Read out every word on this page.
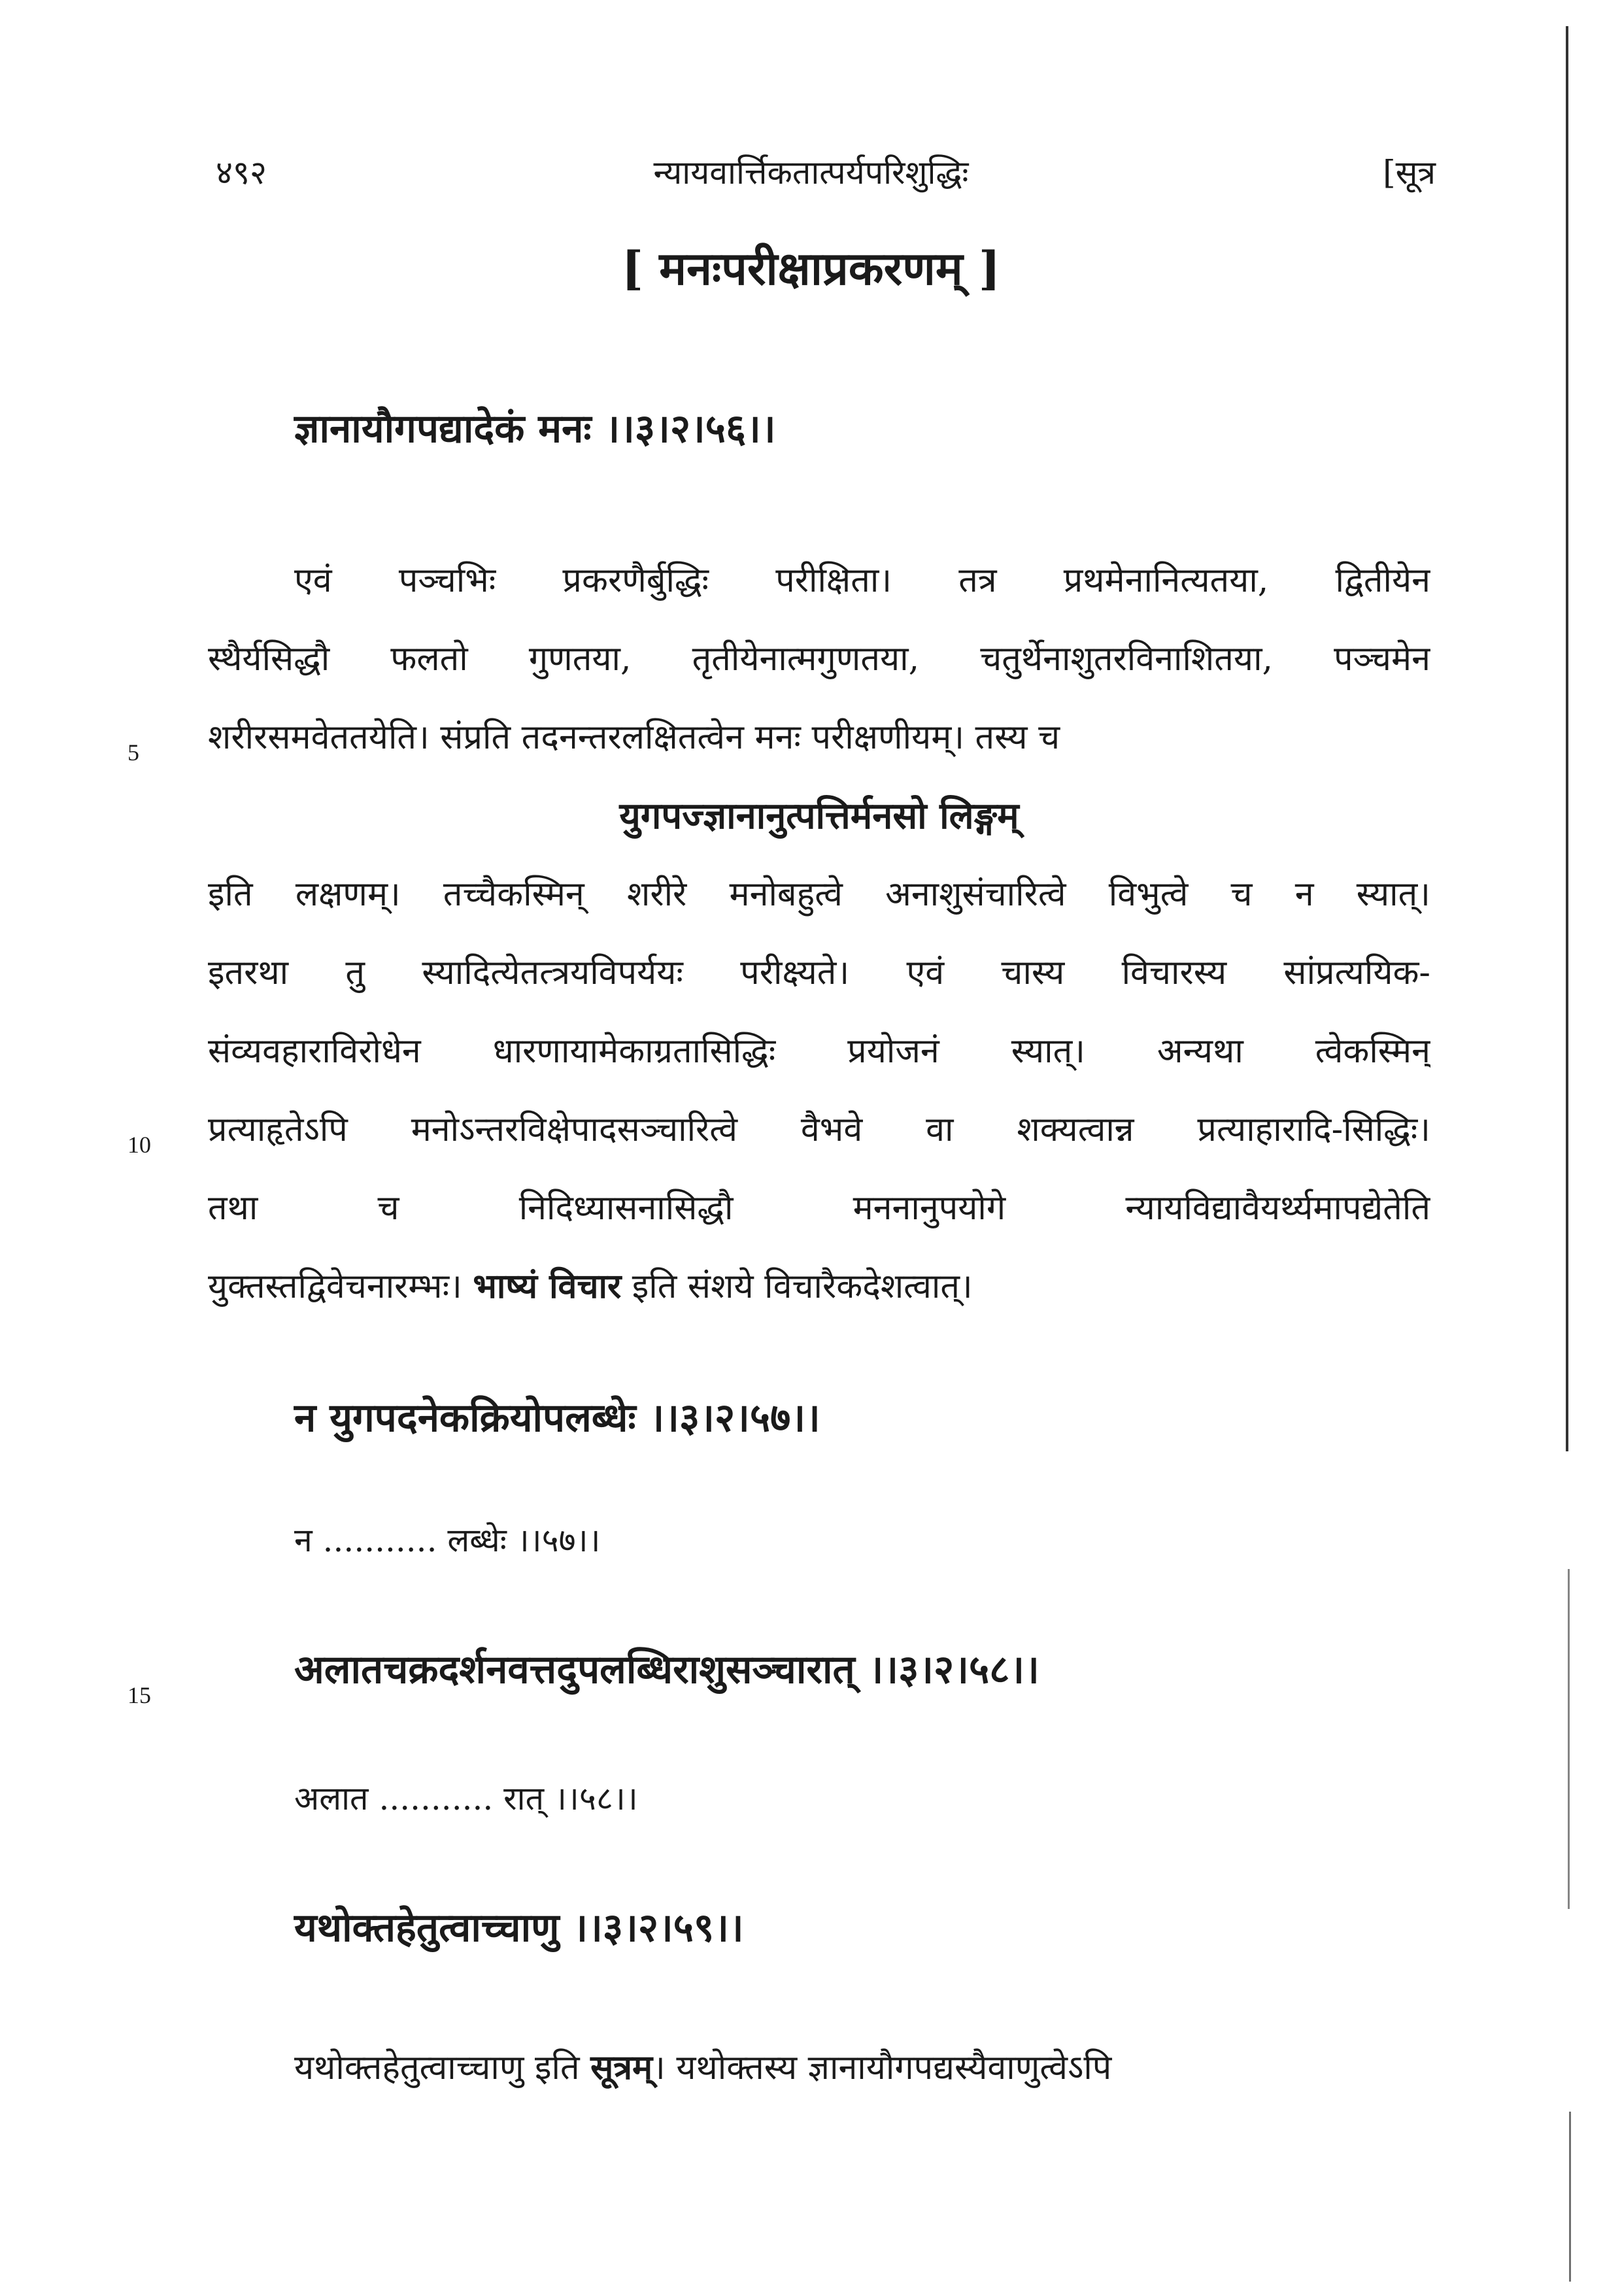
४९२	न्यायवार्त्तिकतात्पर्यपरिशुद्धिः	[सूत्र
[ मनःपरीक्षाप्रकरणम् ]
ज्ञानायौगपद्यादेकं मनः ।।३।२।५६।।
एवं पञ्चभिः प्रकरणैर्बुद्धिः परीक्षिता। तत्र प्रथमेनानित्यतया, द्वितीयेन
स्थैर्यसिद्धौ फलतो गुणतया, तृतीयेनात्मगुणतया, चतुर्थेनाशुतरविनाशितया, पञ्चमेन
शरीरसमवेततयेति। संप्रति तदनन्तरलक्षितत्वेन मनः परीक्षणीयम्। तस्य च
युगपज्ज्ञानानुत्पत्तिर्मनसो लिङ्गम्
इति लक्षणम्। तच्चैकस्मिन् शरीरे मनोबहुत्वे अनाशुसंचारित्वे विभुत्वे च न स्यात्।
इतरथा तु स्यादित्येतत्त्रयविपर्ययः परीक्ष्यते। एवं चास्य विचारस्य सांप्रत्ययिक-
संव्यवहाराविरोधेन धारणायामेकाग्रतासिद्धिः प्रयोजनं स्यात्। अन्यथा त्वेकस्मिन्
प्रत्याहृतेऽपि मनोऽन्तरविक्षेपादसञ्चारित्वे वैभवे वा शक्यत्वान्न प्रत्याहारादि-सिद्धिः।
तथा च निदिध्यासनासिद्धौ मननानुपयोगे न्यायविद्यावैयर्थ्यमापद्येतेति
युक्तस्तद्विवेचनारम्भः। भाष्यं विचार इति संशये विचारैकदेशत्वात्।
न युगपदनेकक्रियोपलब्धेः ।।३।२।५७।।
न ........... लब्धेः ।।५७।।
अलातचक्रदर्शनवत्तदुपलब्धिराशुसञ्चारात् ।।३।२।५८।।
अलात ........... रात् ।।५८।।
यथोक्तहेतुत्वाच्चाणु ।।३।२।५९।।
यथोक्तहेतुत्वाच्चाणु इति सूत्रम्। यथोक्तस्य ज्ञानायौगपद्यस्यैवाणुत्वेऽपि
5
10
15
